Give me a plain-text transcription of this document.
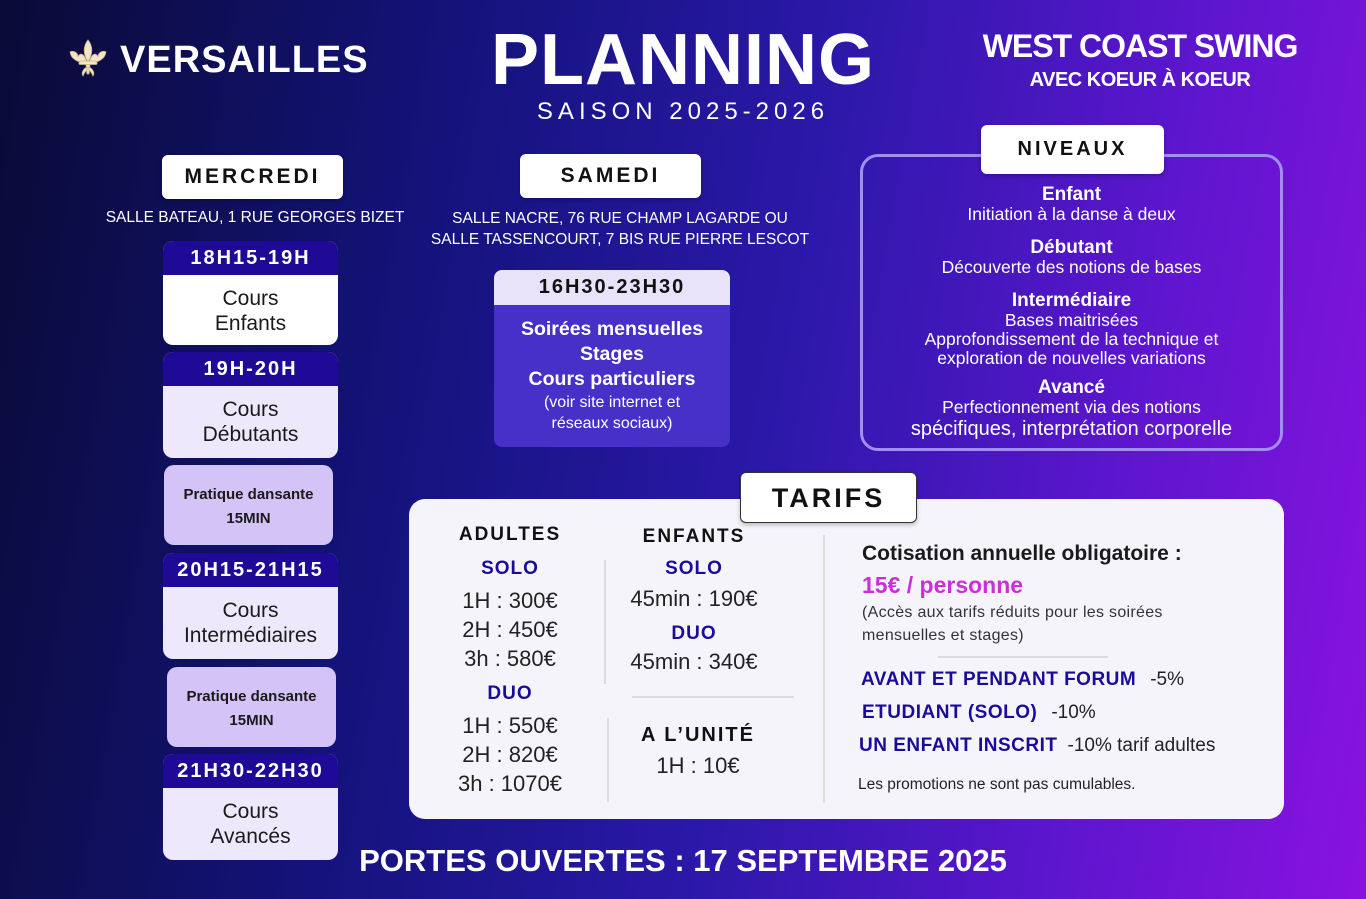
VERSAILLES	PLANNING
SAISON 2025-2026
WEST COAST SWING
AVEC KOEUR À KOEUR
MERCREDI
SALLE BATEAU, 1 RUE GEORGES BIZET
18H15-19H
Cours
Enfants
19H-20H
Cours
Débutants
Pratique dansante
15MIN
20H15-21H15
Cours
Intermédiaires
Pratique dansante
15MIN
21H30-22H30
Cours
Avancés
SAMEDI
SALLE NACRE, 76 RUE CHAMP LAGARDE OU
SALLE TASSENCOURT, 7 BIS RUE PIERRE LESCOT
16H30-23H30
Soirées mensuelles
Stages
Cours particuliers
(voir site internet et
réseaux sociaux)
NIVEAUX
Enfant
Initiation à la danse à deux
Débutant
Découverte des notions de bases
Intermédiaire
Bases maitrisées
Approfondissement de la technique et
exploration de nouvelles variations
Avancé
Perfectionnement via des notions
spécifiques, interprétation corporelle
TARIFS
ADULTES
SOLO
1H : 300€
2H : 450€
3h : 580€
DUO
1H : 550€
2H : 820€
3h : 1070€
ENFANTS
SOLO
45min : 190€
DUO
45min : 340€
A L’UNITÉ
1H : 10€
Cotisation annuelle obligatoire :
15€ / personne
(Accès aux tarifs réduits pour les soirées
mensuelles et stages)
AVANT ET PENDANT FORUM -5%
ETUDIANT (SOLO) -10%
UN ENFANT INSCRIT -10% tarif adultes
Les promotions ne sont pas cumulables.
PORTES OUVERTES : 17 SEPTEMBRE 2025
